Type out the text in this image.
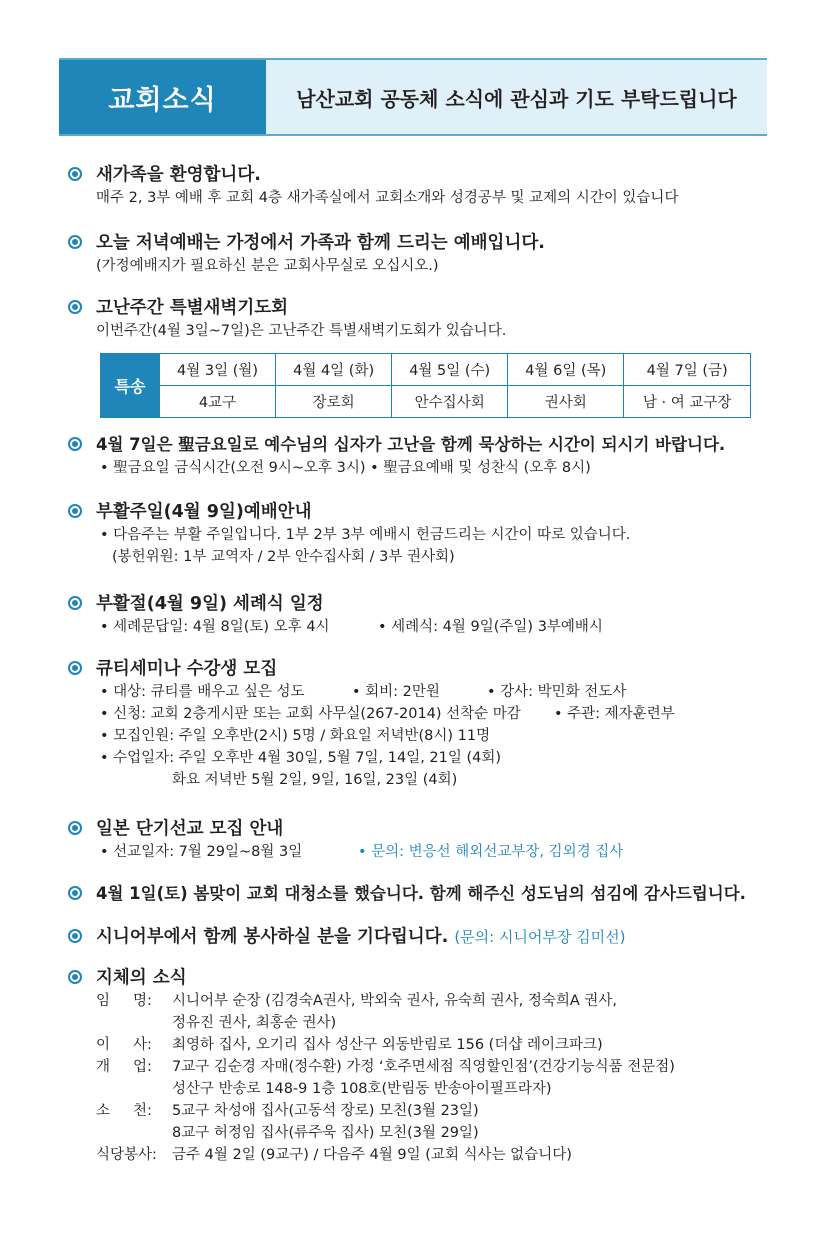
교회소식	남산교회 공동체 소식에 관심과 기도 부탁드립니다
새가족을 환영합니다.
매주 2, 3부 예배 후 교회 4층 새가족실에서 교회소개와 성경공부 및 교제의 시간이 있습니다
오늘 저녁예배는 가정에서 가족과 함께 드리는 예배입니다.
(가정예배지가 필요하신 분은 교회사무실로 오십시오.)
고난주간 특별새벽기도회
이번주간(4월 3일~7일)은 고난주간 특별새벽기도회가 있습니다.
특송	4월 3일 (월)	4월 4일 (화)	4월 5일 (수)	4월 6일 (목)	4월 7일 (금)
	4교구	장로회	안수집사회	권사회	남 · 여 교구장
4월 7일은 聖금요일로 예수님의 십자가 고난을 함께 묵상하는 시간이 되시기 바랍니다.
• 聖금요일 금식시간(오전 9시~오후 3시) • 聖금요예배 및 성찬식 (오후 8시)
부활주일(4월 9일)예배안내
• 다음주는 부활 주일입니다. 1부 2부 3부 예배시 헌금드리는 시간이 따로 있습니다.
(봉헌위원: 1부 교역자 / 2부 안수집사회 / 3부 권사회)
부활절(4월 9일) 세례식 일정
• 세례문답일: 4월 8일(토) 오후 4시	• 세례식: 4월 9일(주일) 3부예배시
큐티세미나 수강생 모집
• 대상: 큐티를 배우고 싶은 성도	• 회비: 2만원	• 강사: 박민화 전도사
• 신청: 교회 2층게시판 또는 교회 사무실(267-2014) 선착순 마감	• 주관: 제자훈련부
• 모집인원: 주일 오후반(2시) 5명 / 화요일 저녁반(8시) 11명
• 수업일자: 주일 오후반 4월 30일, 5월 7일, 14일, 21일 (4회)
화요 저녁반 5월 2일, 9일, 16일, 23일 (4회)
일본 단기선교 모집 안내
• 선교일자: 7월 29일~8월 3일	• 문의: 변응선 해외선교부장, 김외경 집사
4월 1일(토) 봄맞이 교회 대청소를 했습니다. 함께 해주신 성도님의 섬김에 감사드립니다.
시니어부에서 함께 봉사하실 분을 기다립니다. (문의: 시니어부장 김미선)
지체의 소식
임     명:	시니어부 순장 (김경숙A권사, 박외숙 권사, 유숙희 권사, 정숙희A 권사,
정유진 권사, 최홍순 권사)
이     사:	최영하 집사, 오기리 집사 성산구 외동반림로 156 (더샵 레이크파크)
개     업:	7교구 김순경 자매(정수환) 가정 ‘호주면세점 직영할인점’(건강기능식품 전문점)
성산구 반송로 148-9 1층 108호(반림동 반송아이필프라자)
소     천:	5교구 차성애 집사(고동석 장로) 모친(3월 23일)
8교구 허정임 집사(류주욱 집사) 모친(3월 29일)
식당봉사:	금주 4월 2일 (9교구) / 다음주 4월 9일 (교회 식사는 없습니다)
